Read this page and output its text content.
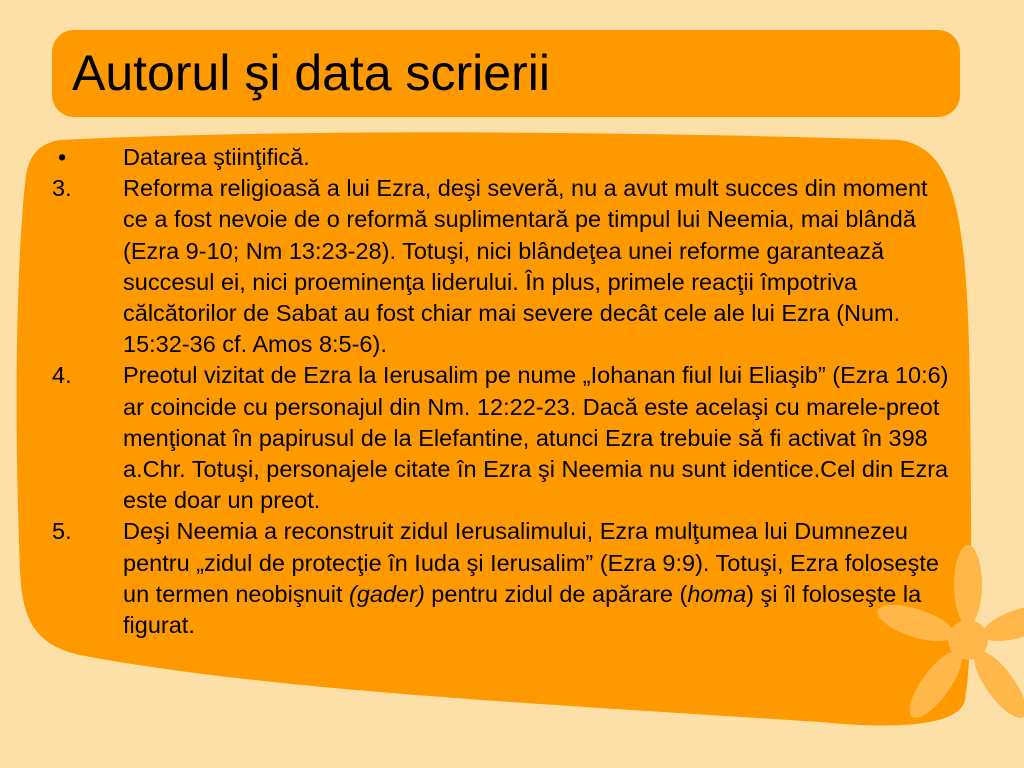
Autorul şi data scrierii
• Datarea ştiinţifică.
3. Reforma religioasă a lui Ezra, deşi severă, nu a avut mult succes din moment ce a fost nevoie de o reformă suplimentară pe timpul lui Neemia, mai blândă (Ezra 9-10; Nm 13:23-28). Totuşi, nici blândeţea unei reforme garantează succesul ei, nici proeminenţa liderului. În plus, primele reacţii împotriva călcătorilor de Sabat au fost chiar mai severe decât cele ale lui Ezra (Num. 15:32-36 cf. Amos 8:5-6).
4. Preotul vizitat de Ezra la Ierusalim pe nume „Iohanan fiul lui Eliaşib” (Ezra 10:6) ar coincide cu personajul din Nm. 12:22-23. Dacă este acelaşi cu marele-preot menţionat în papirusul de la Elefantine, atunci Ezra trebuie să fi activat în 398 a.Chr. Totuşi, personajele citate în Ezra şi Neemia nu sunt identice.Cel din Ezra este doar un preot.
5. Deşi Neemia a reconstruit zidul Ierusalimului, Ezra mulţumea lui Dumnezeu pentru „zidul de protecţie în Iuda şi Ierusalim” (Ezra 9:9). Totuşi, Ezra foloseşte un termen neobişnuit (gader) pentru zidul de apărare (homa) şi îl foloseşte la figurat.
